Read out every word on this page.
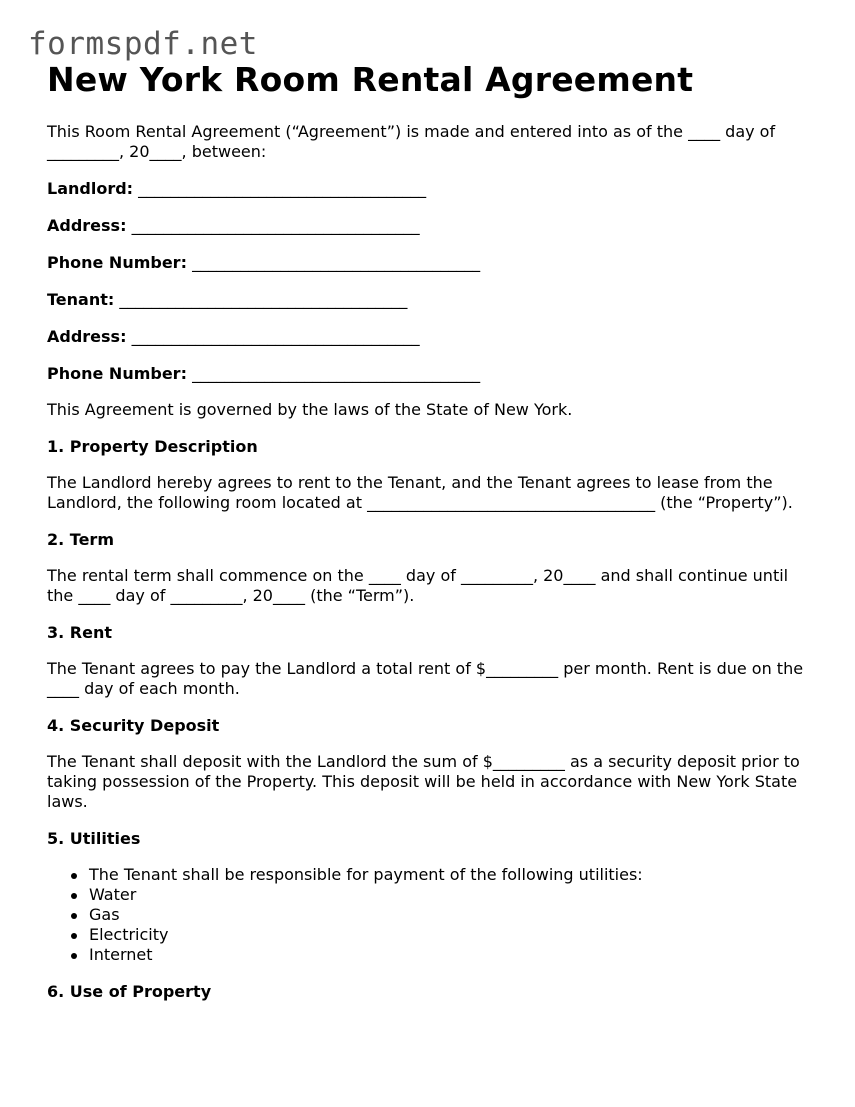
formspdf.net
New York Room Rental Agreement

This Room Rental Agreement (“Agreement”) is made and entered into as of the ____ day of _________, 20____, between:

Landlord: ____________________________________
Address: ____________________________________
Phone Number: ____________________________________
Tenant: ____________________________________
Address: ____________________________________
Phone Number: ____________________________________

This Agreement is governed by the laws of the State of New York.

1. Property Description

The Landlord hereby agrees to rent to the Tenant, and the Tenant agrees to lease from the Landlord, the following room located at ____________________________________ (the “Property”).

2. Term

The rental term shall commence on the ____ day of _________, 20____ and shall continue until the ____ day of _________, 20____ (the “Term”).

3. Rent

The Tenant agrees to pay the Landlord a total rent of $_________ per month. Rent is due on the ____ day of each month.

4. Security Deposit

The Tenant shall deposit with the Landlord the sum of $_________ as a security deposit prior to taking possession of the Property. This deposit will be held in accordance with New York State laws.

5. Utilities
The Tenant shall be responsible for payment of the following utilities:
Water
Gas
Electricity
Internet
6. Use of Property
